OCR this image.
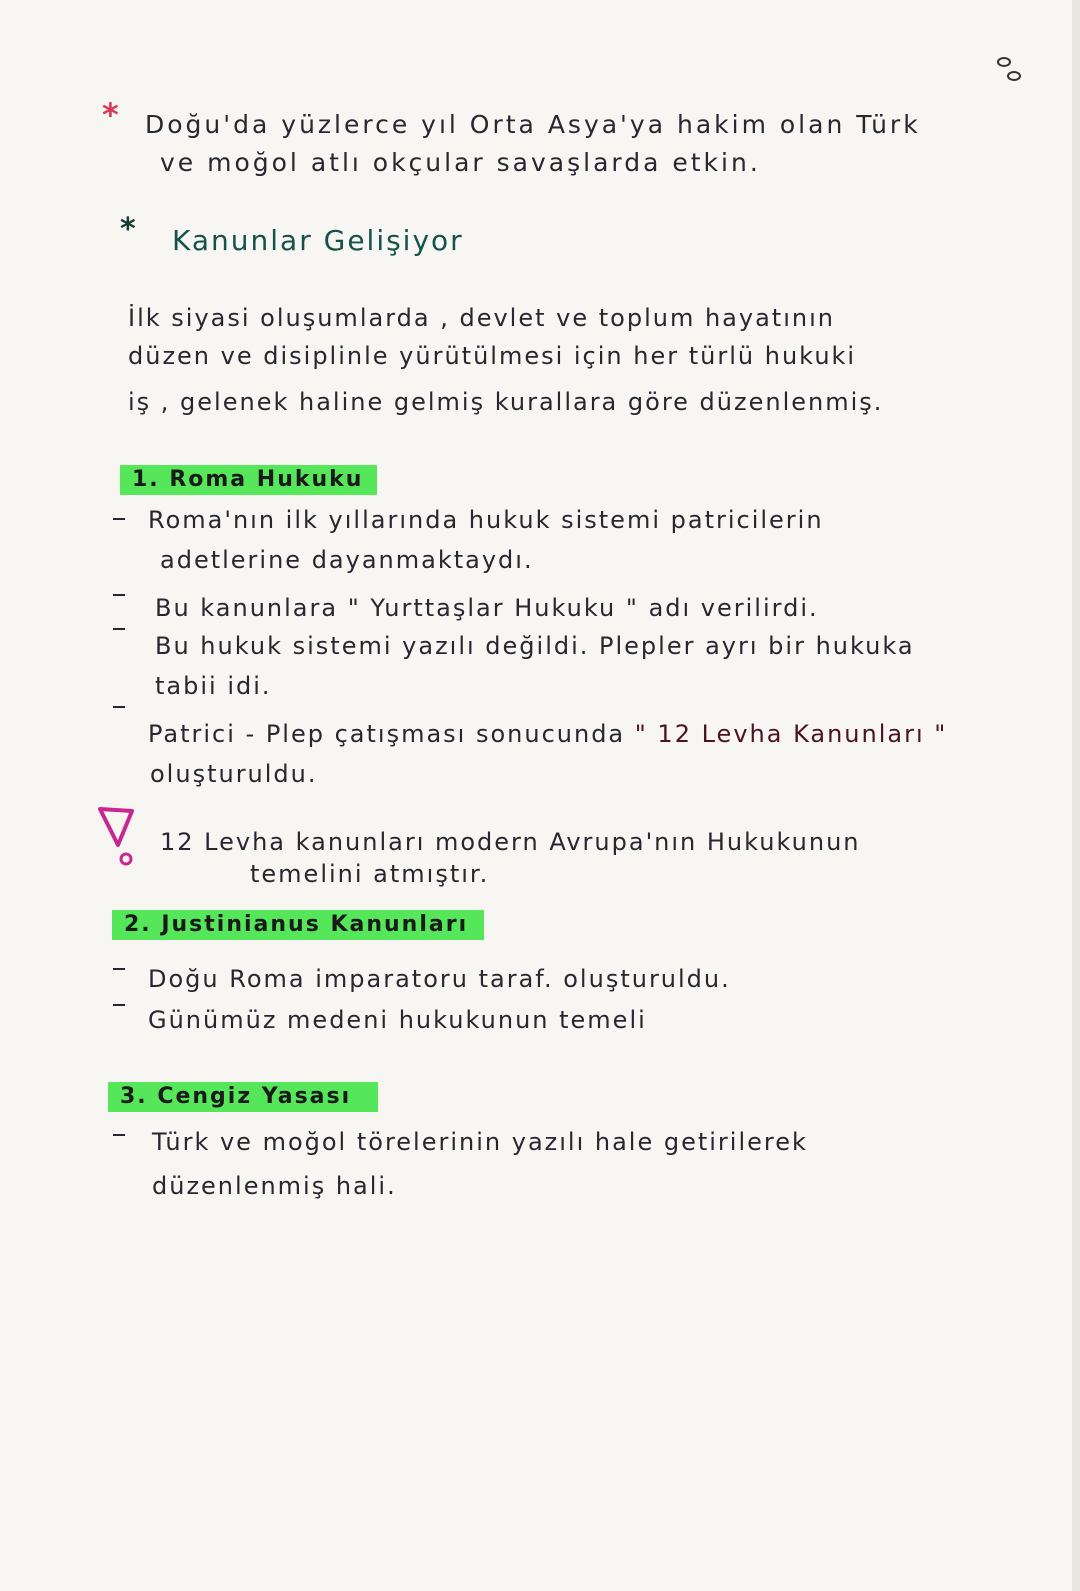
* Doğu'da yüzlerce yıl Orta Asya'ya hakim olan Türk
ve moğol atlı okçular savaşlarda etkin.
* Kanunlar Gelişiyor
İlk siyasi oluşumlarda , devlet ve toplum hayatının
düzen ve disiplinle yürütülmesi için her türlü hukuki
iş , gelenek haline gelmiş kurallara göre düzenlenmiş.
1. Roma Hukuku
Roma'nın ilk yıllarında hukuk sistemi patricilerin
adetlerine dayanmaktaydı.
Bu kanunlara " Yurttaşlar Hukuku " adı verilirdi.
Bu hukuk sistemi yazılı değildi. Plepler ayrı bir hukuka
tabii idi.
Patrici - Plep çatışması sonucunda " 12 Levha Kanunları "
oluşturuldu.
12 Levha kanunları modern Avrupa'nın Hukukunun
temelini atmıştır.
2. Justinianus Kanunları
Doğu Roma imparatoru taraf. oluşturuldu.
Günümüz medeni hukukunun temeli
3. Cengiz Yasası
Türk ve moğol törelerinin yazılı hale getirilerek
düzenlenmiş hali.
